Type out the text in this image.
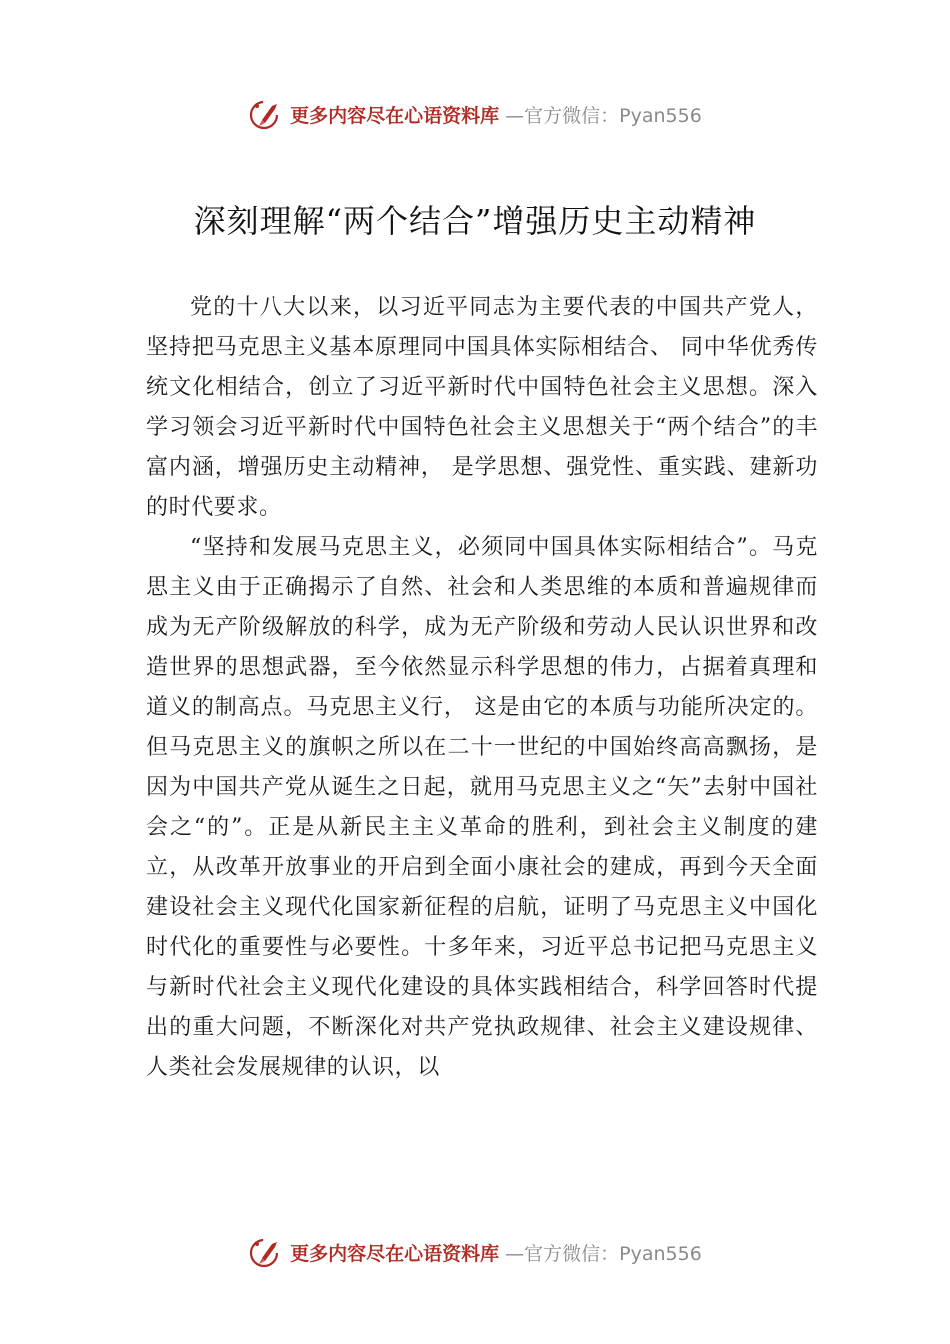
更多内容尽在心语资料库 —官方微信：Pyan556
深刻理解“两个结合”增强历史主动精神

党的十八大以来，以习近平同志为主要代表的中国共产党人，坚持把马克思主义基本原理同中国具体实际相结合、 同中华优秀传统文化相结合，创立了习近平新时代中国特色社会主义思想。深入学习领会习近平新时代中国特色社会主义思想关于“两个结合”的丰富内涵，增强历史主动精神， 是学思想、强党性、重实践、建新功的时代要求。

“坚持和发展马克思主义，必须同中国具体实际相结合”。马克思主义由于正确揭示了自然、社会和人类思维的本质和普遍规律而成为无产阶级解放的科学，成为无产阶级和劳动人民认识世界和改造世界的思想武器，至今依然显示科学思想的伟力，占据着真理和道义的制高点。马克思主义行， 这是由它的本质与功能所决定的。但马克思主义的旗帜之所以在二十一世纪的中国始终高高飘扬，是因为中国共产党从诞生之日起，就用马克思主义之“矢”去射中国社会之“的”。正是从新民主主义革命的胜利，到社会主义制度的建立，从改革开放事业的开启到全面小康社会的建成，再到今天全面建设社会主义现代化国家新征程的启航，证明了马克思主义中国化时代化的重要性与必要性。十多年来，习近平总书记把马克思主义与新时代社会主义现代化建设的具体实践相结合，科学回答时代提出的重大问题，不断深化对共产党执政规律、社会主义建设规律、人类社会发展规律的认识，以

更多内容尽在心语资料库 —官方微信：Pyan556
